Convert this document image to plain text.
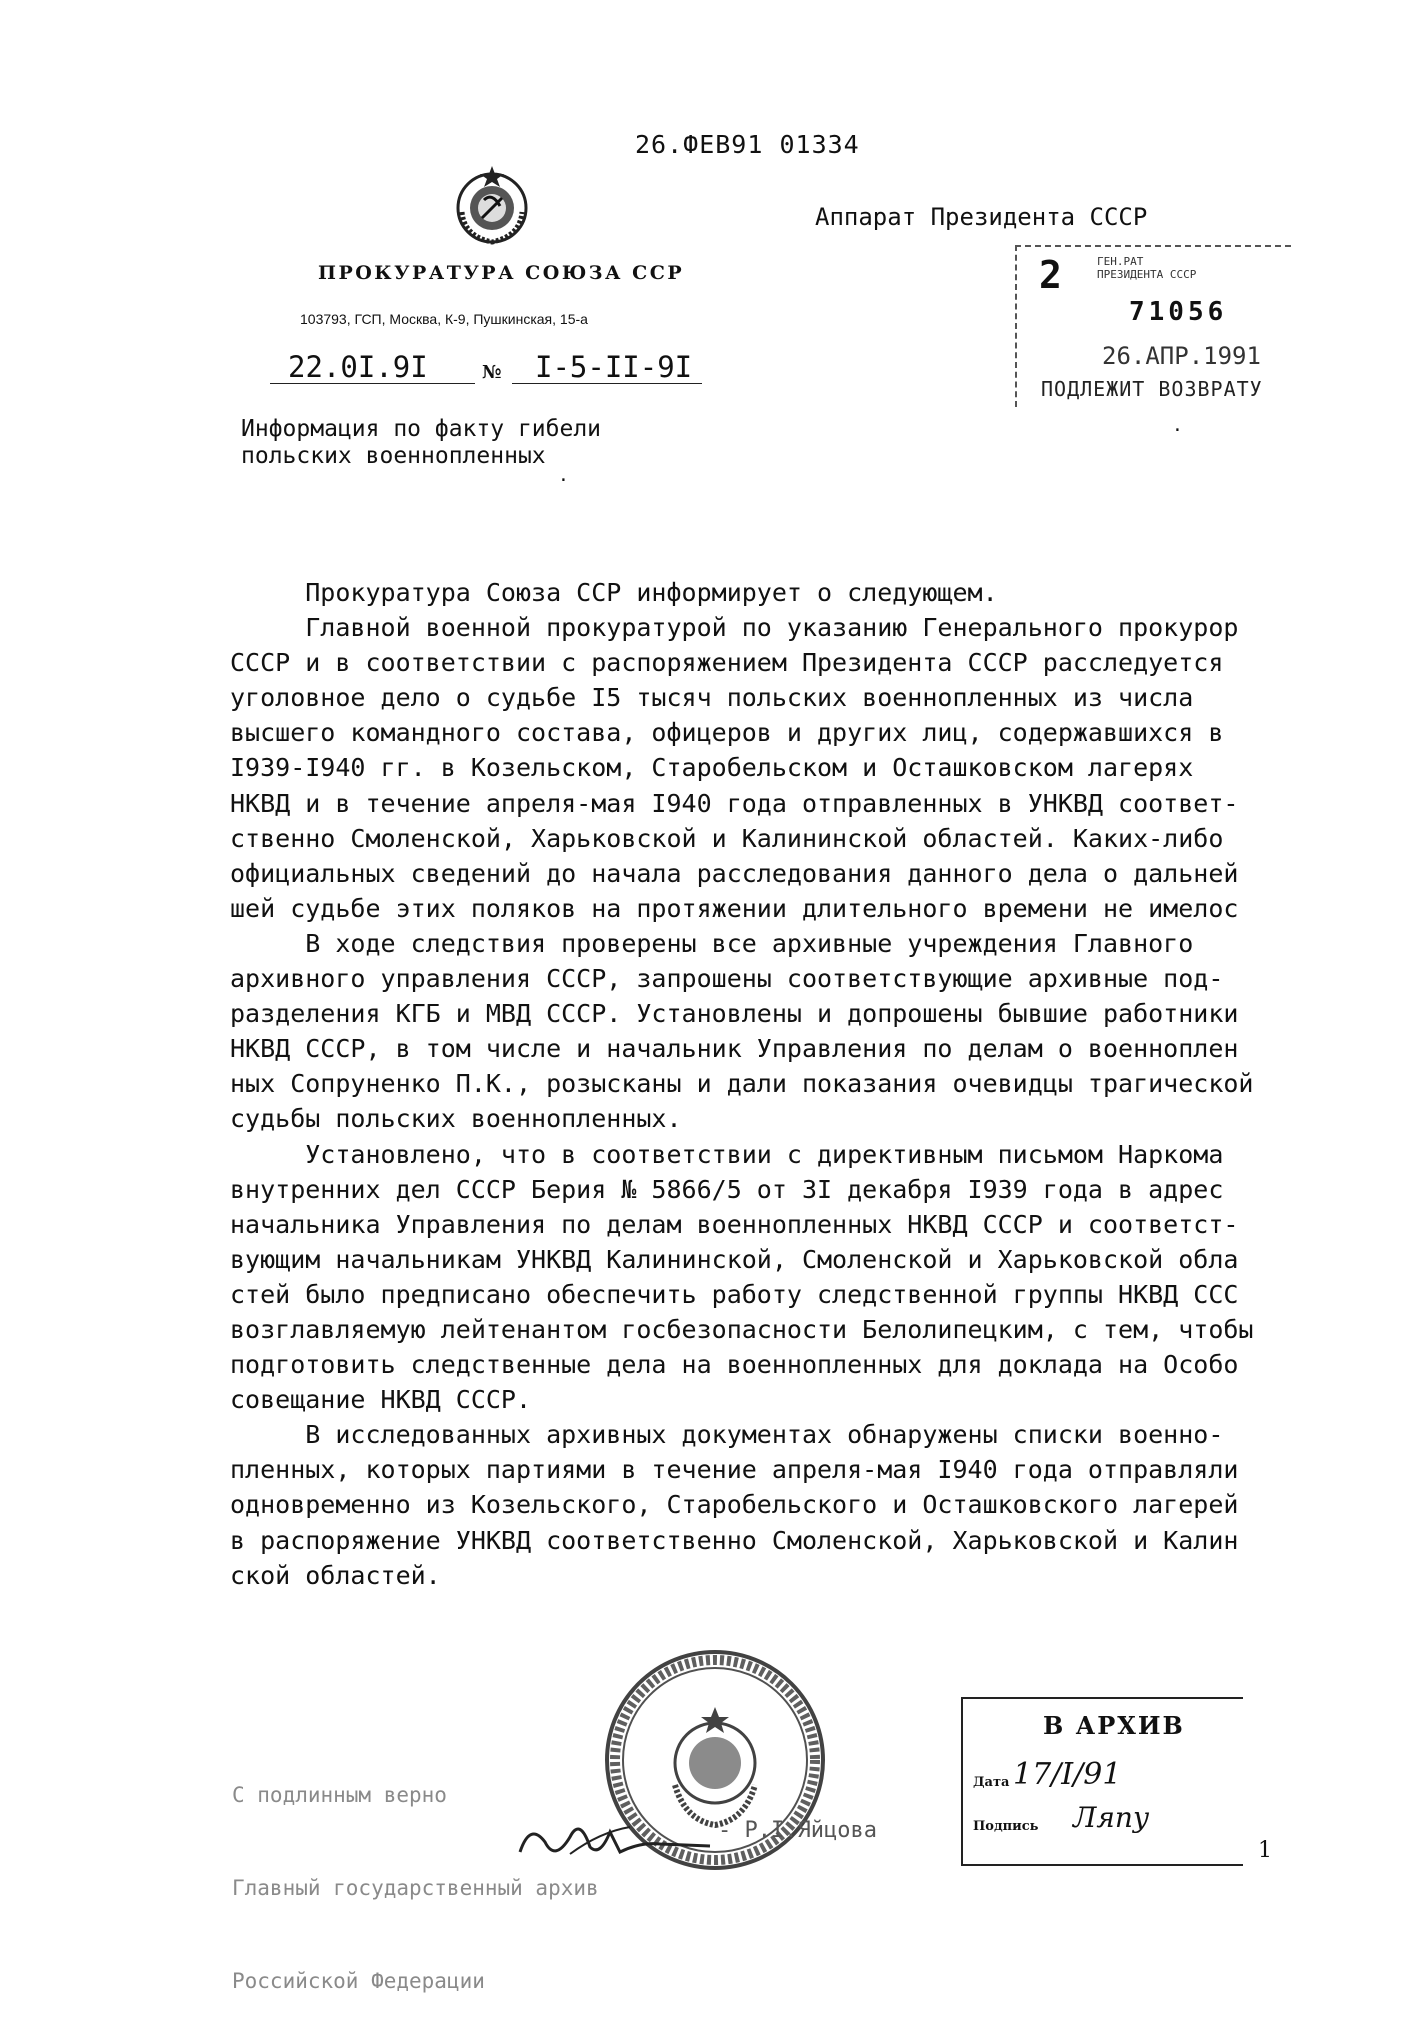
26.ФЕВ91 01334
ПРОКУРАТУРА СОЮЗА ССР
103793, ГСП, Москва, К-9, Пушкинская, 15-а
22.0I.9I	№ I-5-II-9I
Аппарат Президента СССР
2	ГЕН.РАТ
ПРЕЗИДЕНТА СССР
71056
26.АПР.1991
ПОДЛЕЖИТ ВОЗВРАТУ
Информация по факту гибели
польских военнопленных
·
·
Прокуратура Союза ССР информирует о следующем.
Главной военной прокуратурой по указанию Генерального прокурор
СССР и в соответствии с распоряжением Президента СССР расследуется
уголовное дело о судьбе I5 тысяч польских военнопленных из числа
высшего командного состава, офицеров и других лиц, содержавшихся в
I939-I940 гг. в Козельском, Старобельском и Осташковском лагерях
НКВД и в течение апреля-мая I940 года отправленных в УНКВД соответ-
ственно Смоленской, Харьковской и Калининской областей. Каких-либо
официальных сведений до начала расследования данного дела о дальней
шей судьбе этих поляков на протяжении длительного времени не имелос
В ходе следствия проверены все архивные учреждения Главного
архивного управления СССР, запрошены соответствующие архивные под-
разделения КГБ и МВД СССР. Установлены и допрошены бывшие работники
НКВД СССР, в том числе и начальник Управления по делам о военноплен
ных Сопруненко П.К., розысканы и дали показания очевидцы трагической
судьбы польских военнопленных.
Установлено, что в соответствии с директивным письмом Наркома
внутренних дел СССР Берия № 5866/5 от 3I декабря I939 года в адрес
начальника Управления по делам военнопленных НКВД СССР и соответст-
вующим начальникам УНКВД Калининской, Смоленской и Харьковской обла
стей было предписано обеспечить работу следственной группы НКВД ССС
возглавляемую лейтенантом госбезопасности Белолипецким, с тем, чтобы
подготовить следственные дела на военнопленных для доклада на Особо
совещание НКВД СССР.
В исследованных архивных документах обнаружены списки военно-
пленных, которых партиями в течение апреля-мая I940 года отправляли
одновременно из Козельского, Старобельского и Осташковского лагерей
в распоряжение УНКВД соответственно Смоленской, Харьковской и Калин
ской областей.

С подлинным верно

Главный государственный архив

Российской Федерации

- Р.І.Яйцова
В АРХИВ
Дата 17/I/91
Подпись Ляпу
1
